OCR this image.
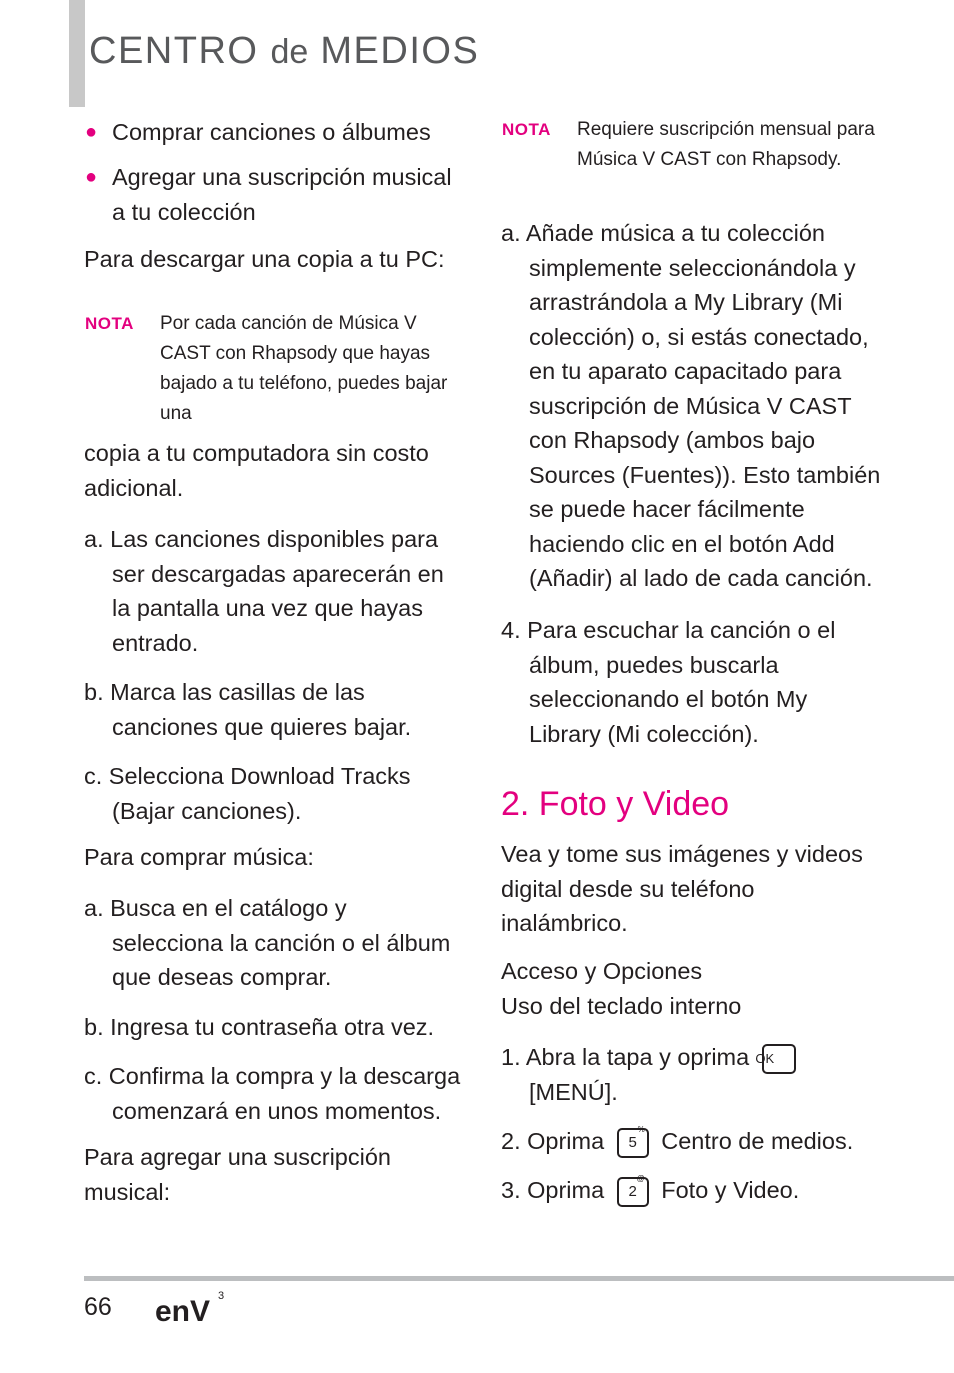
CENTRO de MEDIOS
● Comprar canciones o álbumes
● Agregar una suscripción musical a tu colección

Para descargar una copia a tu PC:

NOTA Por cada canción de Música V CAST con Rhapsody que hayas bajado a tu teléfono, puedes bajar una

copia a tu computadora sin costo adicional.

a. Las canciones disponibles para ser descargadas aparecerán en la pantalla una vez que hayas entrado.

b. Marca las casillas de las canciones que quieres bajar.

c. Selecciona Download Tracks (Bajar canciones).

Para comprar música:

a. Busca en el catálogo y selecciona la canción o el álbum que deseas comprar.

b. Ingresa tu contraseña otra vez.

c. Confirma la compra y la descarga comenzará en unos momentos.

Para agregar una suscripción musical:

NOTA Requiere suscripción mensual para Música V CAST con Rhapsody.

a. Añade música a tu colección simplemente seleccionándola y arrastrándola a My Library (Mi colección) o, si estás conectado, en tu aparato capacitado para suscripción de Música V CAST con Rhapsody (ambos bajo Sources (Fuentes)). Esto también se puede hacer fácilmente haciendo clic en el botón Add (Añadir) al lado de cada canción.

4. Para escuchar la canción o el álbum, puedes buscarla seleccionando el botón My Library (Mi colección).

2. Foto y Video

Vea y tome sus imágenes y videos digital desde su teléfono inalámbrico.

Acceso y Opciones

Uso del teclado interno

1. Abra la tapa y oprima OK
[MENÚ].
2. Oprima 5
% Centro de medios.
3. Oprima 2
@ Foto y Video.
66 enV 3
